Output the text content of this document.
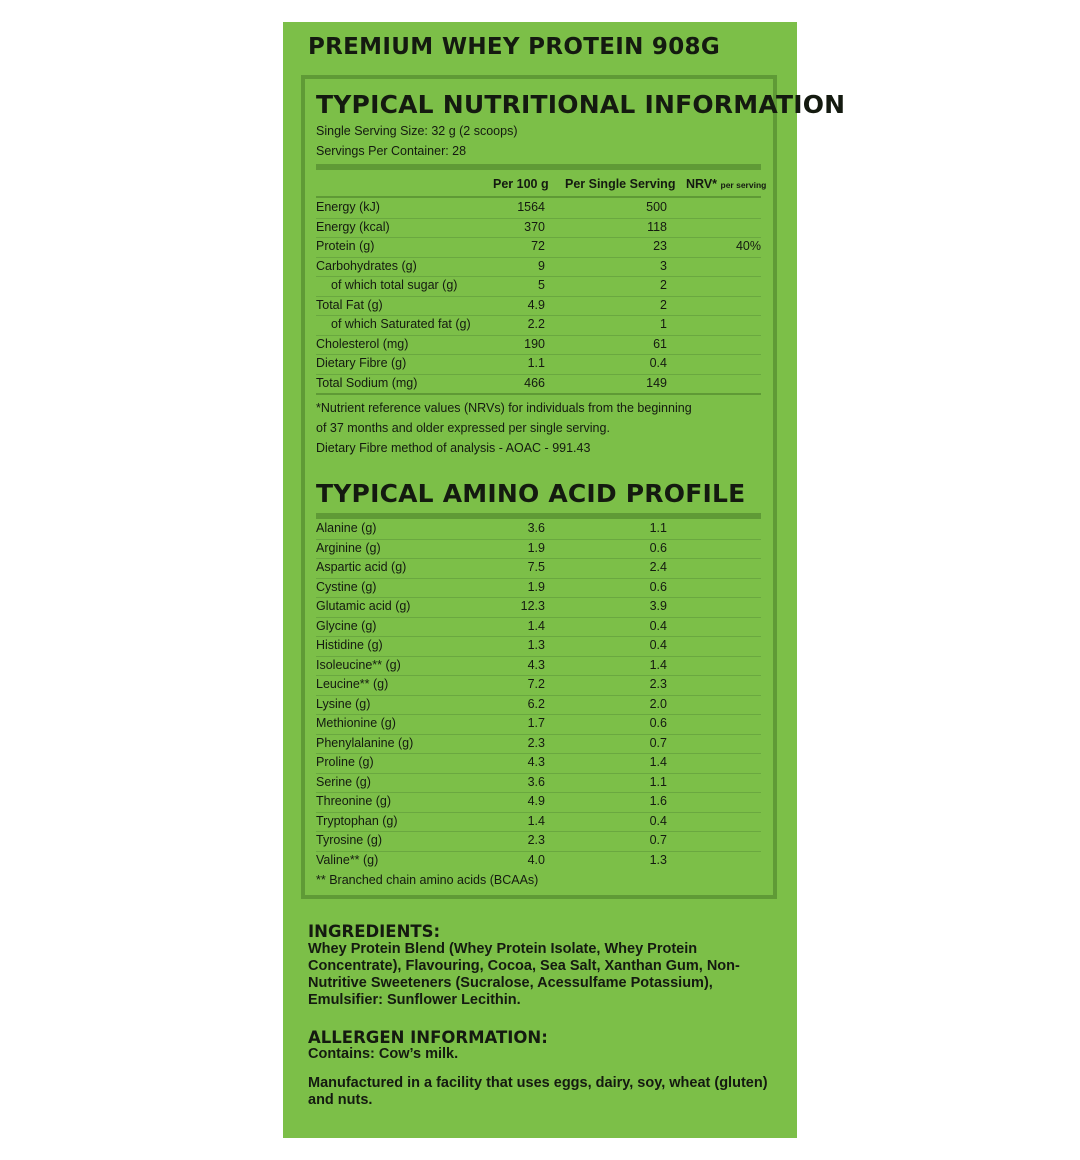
PREMIUM WHEY PROTEIN 908G
TYPICAL NUTRITIONAL INFORMATION
Single Serving Size: 32 g (2 scoops)
Servings Per Container: 28
Per 100 g Per Single Serving NRV* per serving
Energy (kJ)	1564	500
Energy (kcal)	370	118
Protein (g)	72	23	40%
Carbohydrates (g)	9	3
of which total sugar (g)	5	2
Total Fat (g)	4.9	2
of which Saturated fat (g)	2.2	1
Cholesterol (mg)	190	61
Dietary Fibre (g)	1.1	0.4
Total Sodium (mg)	466	149
*Nutrient reference values (NRVs) for individuals from the beginning
of 37 months and older expressed per single serving.
Dietary Fibre method of analysis - AOAC - 991.43
TYPICAL AMINO ACID PROFILE
Alanine (g)	3.6	1.1
Arginine (g)	1.9	0.6
Aspartic acid (g)	7.5	2.4
Cystine (g)	1.9	0.6
Glutamic acid (g)	12.3	3.9
Glycine (g)	1.4	0.4
Histidine (g)	1.3	0.4
Isoleucine** (g)	4.3	1.4
Leucine** (g)	7.2	2.3
Lysine (g)	6.2	2.0
Methionine (g)	1.7	0.6
Phenylalanine (g)	2.3	0.7
Proline (g)	4.3	1.4
Serine (g)	3.6	1.1
Threonine (g)	4.9	1.6
Tryptophan (g)	1.4	0.4
Tyrosine (g)	2.3	0.7
Valine** (g)	4.0	1.3
** Branched chain amino acids (BCAAs)
INGREDIENTS:
Whey Protein Blend (Whey Protein Isolate, Whey Protein Concentrate), Flavouring, Cocoa, Sea Salt, Xanthan Gum, Non-Nutritive Sweeteners (Sucralose, Acessulfame Potassium), Emulsifier: Sunflower Lecithin.
ALLERGEN INFORMATION:
Contains: Cow’s milk.
Manufactured in a facility that uses eggs, dairy, soy, wheat (gluten) and nuts.
